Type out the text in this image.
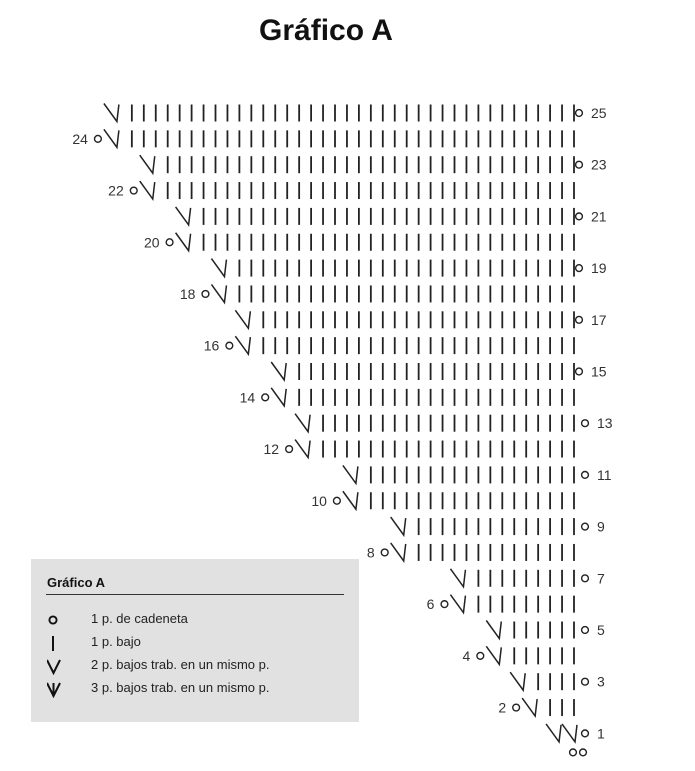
Gráfico A
1
2
3
4
5
6
7
8
9
10
11
12
13
14
15
16
17
18
19
20
21
22
23
24
25
Gráfico A
1 p. de cadeneta
1 p. bajo
2 p. bajos trab. en un mismo p.
3 p. bajos trab. en un mismo p.
